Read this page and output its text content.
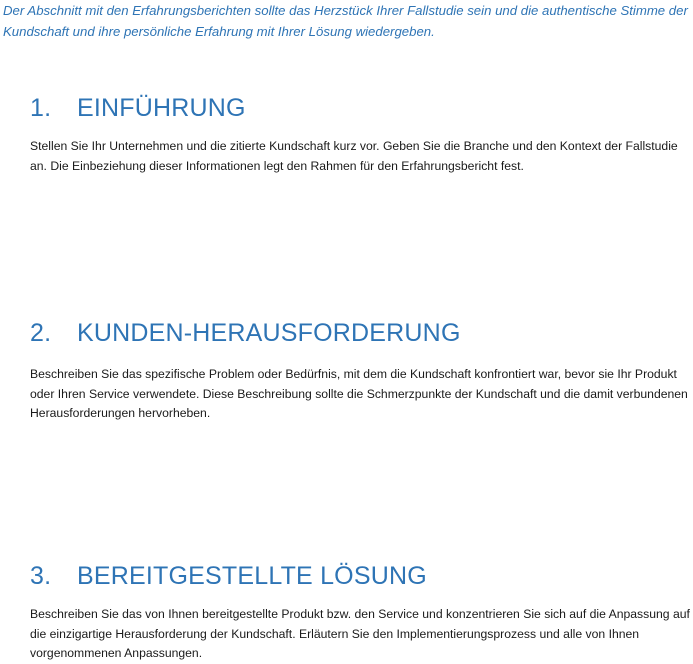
Der Abschnitt mit den Erfahrungsberichten sollte das Herzstück Ihrer Fallstudie sein und die authentische Stimme der Kundschaft und ihre persönliche Erfahrung mit Ihrer Lösung wiedergeben.

1. EINFÜHRUNG

Stellen Sie Ihr Unternehmen und die zitierte Kundschaft kurz vor. Geben Sie die Branche und den Kontext der Fallstudie an. Die Einbeziehung dieser Informationen legt den Rahmen für den Erfahrungsbericht fest.

2. KUNDEN-HERAUSFORDERUNG

Beschreiben Sie das spezifische Problem oder Bedürfnis, mit dem die Kundschaft konfrontiert war, bevor sie Ihr Produkt oder Ihren Service verwendete. Diese Beschreibung sollte die Schmerzpunkte der Kundschaft und die damit verbundenen Herausforderungen hervorheben.

3. BEREITGESTELLTE LÖSUNG

Beschreiben Sie das von Ihnen bereitgestellte Produkt bzw. den Service und konzentrieren Sie sich auf die Anpassung auf die einzigartige Herausforderung der Kundschaft. Erläutern Sie den Implementierungsprozess und alle von Ihnen vorgenommenen Anpassungen.
